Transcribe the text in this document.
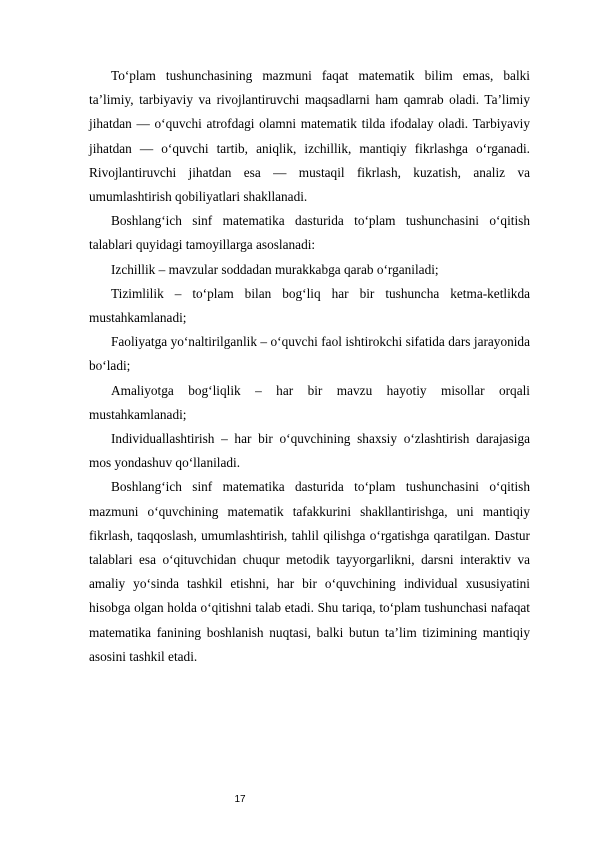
To‘plam tushunchasining mazmuni faqat matematik bilim emas, balki ta’limiy, tarbiyaviy va rivojlantiruvchi maqsadlarni ham qamrab oladi. Ta’limiy jihatdan — o‘quvchi atrofdagi olamni matematik tilda ifodalay oladi. Tarbiyaviy jihatdan — o‘quvchi tartib, aniqlik, izchillik, mantiqiy fikrlashga o‘rganadi. Rivojlantiruvchi jihatdan esa — mustaqil fikrlash, kuzatish, analiz va umumlashtirish qobiliyatlari shakllanadi.

Boshlang‘ich sinf matematika dasturida to‘plam tushunchasini o‘qitish talablari quyidagi tamoyillarga asoslanadi:

Izchillik – mavzular soddadan murakkabga qarab o‘rganiladi;

Tizimlilik – to‘plam bilan bog‘liq har bir tushuncha ketma-ketlikda mustahkamlanadi;

Faoliyatga yo‘naltirilganlik – o‘quvchi faol ishtirokchi sifatida dars jarayonida bo‘ladi;

Amaliyotga bog‘liqlik – har bir mavzu hayotiy misollar orqali mustahkamlanadi;

Individuallashtirish – har bir o‘quvchining shaxsiy o‘zlashtirish darajasiga mos yondashuv qo‘llaniladi.

Boshlang‘ich sinf matematika dasturida to‘plam tushunchasini o‘qitish mazmuni o‘quvchining matematik tafakkurini shakllantirishga, uni mantiqiy fikrlash, taqqoslash, umumlashtirish, tahlil qilishga o‘rgatishga qaratilgan. Dastur talablari esa o‘qituvchidan chuqur metodik tayyorgarlikni, darsni interaktiv va amaliy yo‘sinda tashkil etishni, har bir o‘quvchining individual xususiyatini hisobga olgan holda o‘qitishni talab etadi. Shu tariqa, to‘plam tushunchasi nafaqat matematika fanining boshlanish nuqtasi, balki butun ta’lim tizimining mantiqiy asosini tashkil etadi.

17
